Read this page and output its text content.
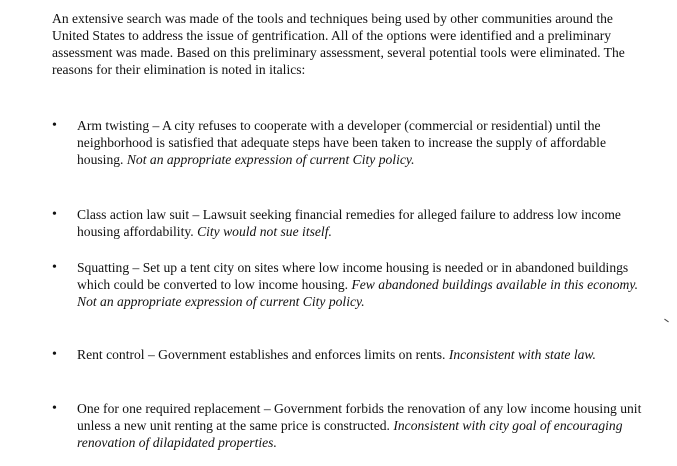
An extensive search was made of the tools and techniques being used by other communities around the United States to address the issue of gentrification. All of the options were identified and a preliminary assessment was made. Based on this preliminary assessment, several potential tools were eliminated. The reasons for their elimination is noted in italics:

•	Arm twisting – A city refuses to cooperate with a developer (commercial or residential) until the neighborhood is satisfied that adequate steps have been taken to increase the supply of affordable housing. Not an appropriate expression of current City policy.

•	Class action law suit – Lawsuit seeking financial remedies for alleged failure to address low income housing affordability. City would not sue itself.

•	Squatting – Set up a tent city on sites where low income housing is needed or in abandoned buildings which could be converted to low income housing. Few abandoned buildings available in this economy. Not an appropriate expression of current City policy.

•	Rent control – Government establishes and enforces limits on rents. Inconsistent with state law.

•	One for one required replacement – Government forbids the renovation of any low income housing unit unless a new unit renting at the same price is constructed. Inconsistent with city goal of encouraging renovation of dilapidated properties.
